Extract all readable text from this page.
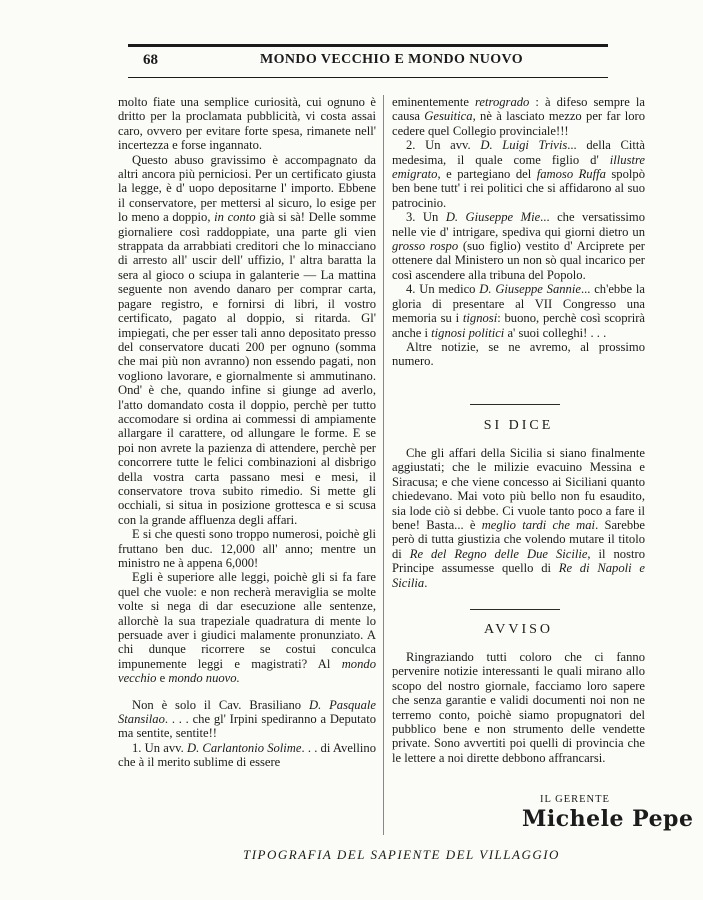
68	MONDO VECCHIO E MONDO NUOVO

molto fiate una semplice curiosità, cui ognuno è dritto per la proclamata pubblicità, vi costa assai caro, ovvero per evitare forte spesa, rimanete nell' incertezza e forse ingannato.

Questo abuso gravissimo è accompagnato da altri ancora più perniciosi. Per un certificato giusta la legge, è d' uopo depositarne l' importo. Ebbene il conservatore, per mettersi al sicuro, lo esige per lo meno a doppio, in conto già si sà! Delle somme giornaliere così raddoppiate, una parte gli vien strappata da arrabbiati creditori che lo minacciano di arresto all' uscir dell' uffizio, l' altra baratta la sera al gioco o sciupa in galanterie — La mattina seguente non avendo danaro per comprar carta, pagare registro, e fornirsi di libri, il vostro certificato, pagato al doppio, si ritarda. Gl' impiegati, che per esser tali anno depositato presso del conservatore ducati 200 per ognuno (somma che mai più non avranno) non essendo pagati, non vogliono lavorare, e giornalmente si ammutinano. Ond' è che, quando infine si giunge ad averlo, l'atto domandato costa il doppio, perchè per tutto accomodare si ordina ai commessi di ampiamente allargare il carattere, od allungare le forme. E se poi non avrete la pazienza di attendere, perchè per concorrere tutte le felici combinazioni al disbrigo della vostra carta passano mesi e mesi, il conservatore trova subito rimedio. Si mette gli occhiali, si situa in posizione grottesca e si scusa con la grande affluenza degli affari.

E si che questi sono troppo numerosi, poichè gli fruttano ben duc. 12,000 all' anno; mentre un ministro ne à appena 6,000!

Egli è superiore alle leggi, poichè gli si fa fare quel che vuole: e non recherà meraviglia se molte volte si nega di dar esecuzione alle sentenze, allorchè la sua trapeziale quadratura di mente lo persuade aver i giudici malamente pronunziato. A chi dunque ricorrere se costui conculca impunemente leggi e magistrati? Al mondo vecchio e mondo nuovo.

Non è solo il Cav. Brasiliano D. Pasquale Stansilao. . . . che gl' Irpini spediranno a Deputato ma sentite, sentite!!

1. Un avv. D. Carlantonio Solime. . . di Avellino che à il merito sublime di essere

eminentemente retrogrado : à difeso sempre la causa Gesuitica, nè à lasciato mezzo per far loro cedere quel Collegio provinciale!!!

2. Un avv. D. Luigi Trivis... della Città medesima, il quale come figlio d' illustre emigrato, e partegiano del famoso Ruffa spolpò ben bene tutt' i rei politici che si affidarono al suo patrocinio.

3. Un D. Giuseppe Mie... che versatissimo nelle vie d' intrigare, spediva qui giorni dietro un grosso rospo (suo figlio) vestito d' Arciprete per ottenere dal Ministero un non sò qual incarico per così ascendere alla tribuna del Popolo.

4. Un medico D. Giuseppe Sannie... ch'ebbe la gloria di presentare al VII Congresso una memoria su i tignosi: buono, perchè così scoprirà anche i tignosi politici a' suoi colleghi! . . .

Altre notizie, se ne avremo, al prossimo numero.

SI DICE

Che gli affari della Sicilia si siano finalmente aggiustati; che le milizie evacuino Messina e Siracusa; e che viene concesso ai Siciliani quanto chiedevano. Mai voto più bello non fu esaudito, sia lode ciò si debbe. Ci vuole tanto poco a fare il bene! Basta... è meglio tardi che mai. Sarebbe però di tutta giustizia che volendo mutare il titolo di Re del Regno delle Due Sicilie, il nostro Principe assumesse quello di Re di Napoli e Sicilia.

AVVISO

Ringraziando tutti coloro che ci fanno pervenire notizie interessanti le quali mirano allo scopo del nostro giornale, facciamo loro sapere che senza garantie e validi documenti noi non ne terremo conto, poichè siamo propugnatori del pubblico bene e non strumento delle vendette private. Sono avvertiti poi quelli di provincia che le lettere a noi dirette debbono affrancarsi.

IL GERENTE
Michele Pepe
TIPOGRAFIA DEL SAPIENTE DEL VILLAGGIO
